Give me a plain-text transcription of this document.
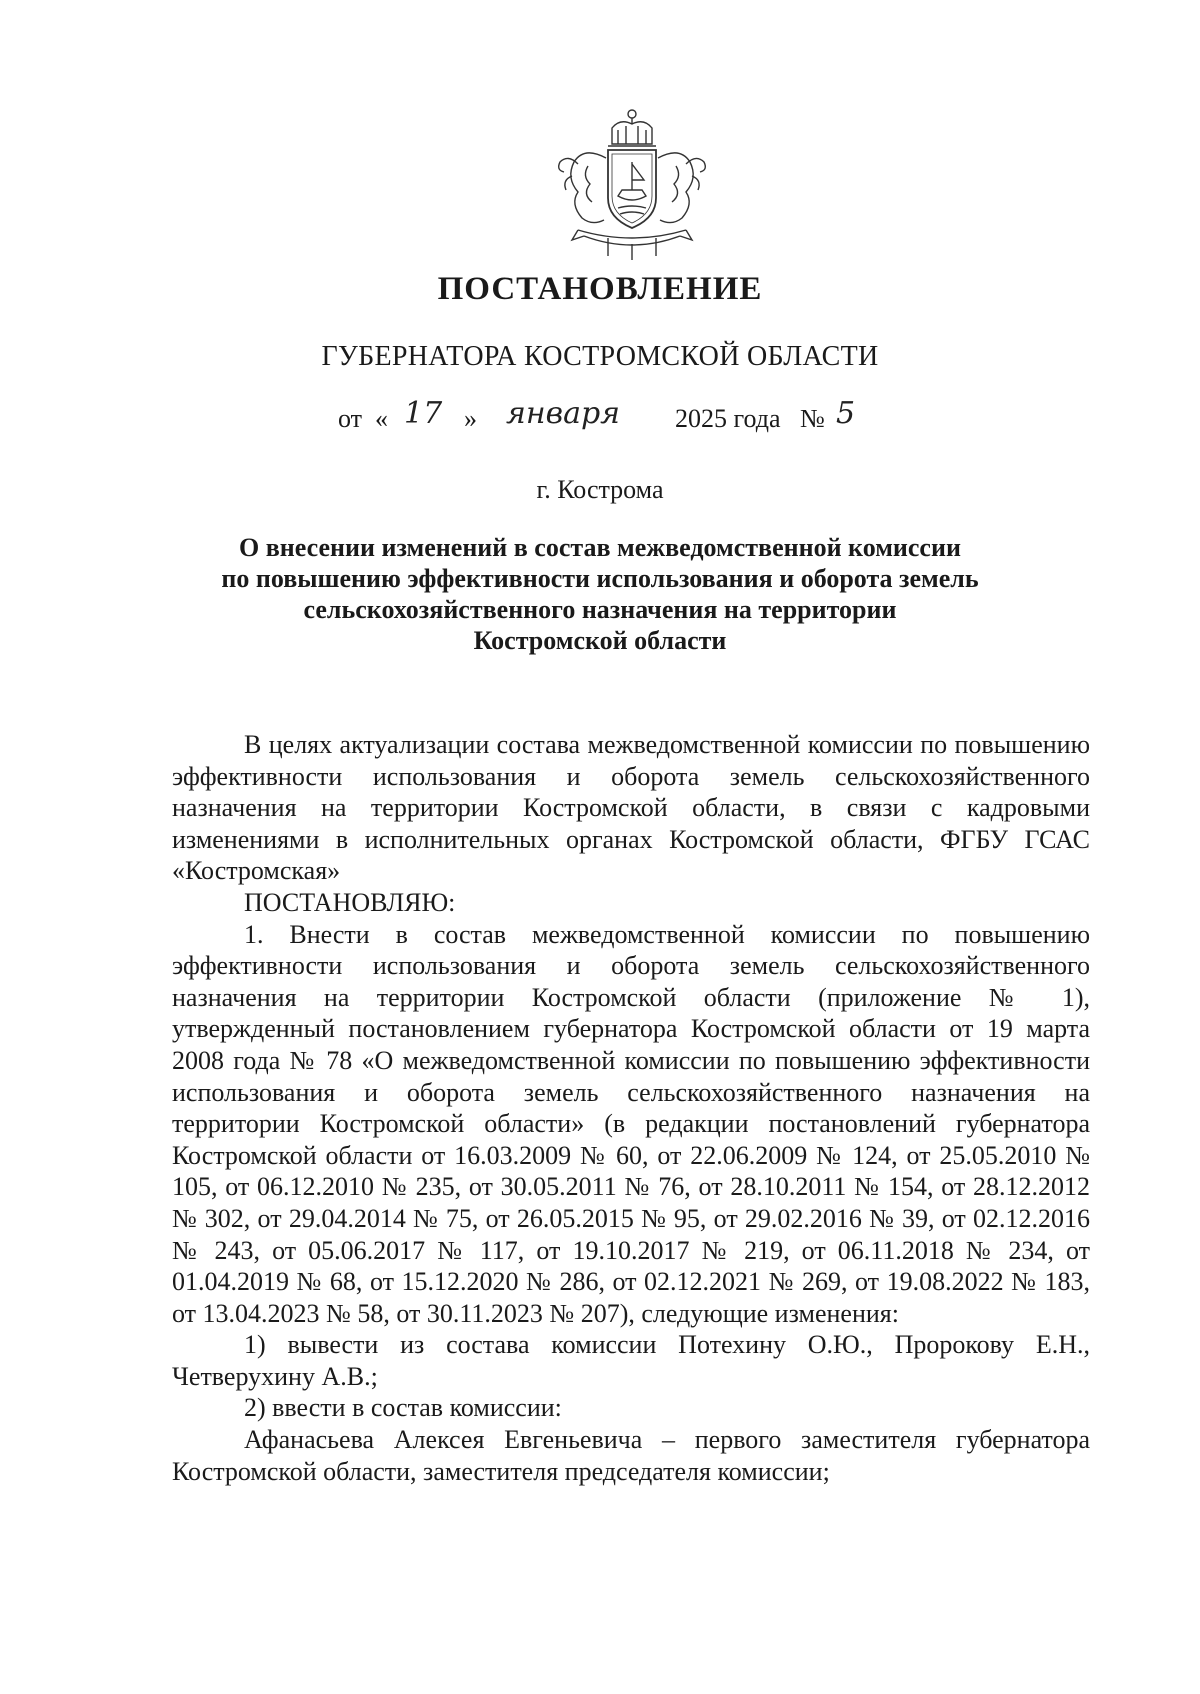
ПОСТАНОВЛЕНИЕ

ГУБЕРНАТОРА КОСТРОМСКОЙ ОБЛАСТИ

от « 17 » января 2025 года № 5

г. Кострома

О внесении изменений в состав межведомственной комиссии
по повышению эффективности использования и оборота земель
сельскохозяйственного назначения на территории
Костромской области

В целях актуализации состава межведомственной комиссии по повышению эффективности использования и оборота земель сельскохозяйственного назначения на территории Костромской области, в связи с кадровыми изменениями в исполнительных органах Костромской области, ФГБУ ГСАС «Костромская»

ПОСТАНОВЛЯЮ:

1. Внести в состав межведомственной комиссии по повышению эффективности использования и оборота земель сельскохозяйственного назначения на территории Костромской области (приложение № 1), утвержденный постановлением губернатора Костромской области от 19 марта 2008 года № 78 «О межведомственной комиссии по повышению эффективности использования и оборота земель сельскохозяйственного назначения на территории Костромской области» (в редакции постановлений губернатора Костромской области от 16.03.2009 № 60, от 22.06.2009 № 124, от 25.05.2010 № 105, от 06.12.2010 № 235, от 30.05.2011 № 76, от 28.10.2011 № 154, от 28.12.2012 № 302, от 29.04.2014 № 75, от 26.05.2015 № 95, от 29.02.2016 № 39, от 02.12.2016 № 243, от 05.06.2017 № 117, от 19.10.2017 № 219, от 06.11.2018 № 234, от 01.04.2019 № 68, от 15.12.2020 № 286, от 02.12.2021 № 269, от 19.08.2022 № 183, от 13.04.2023 № 58, от 30.11.2023 № 207), следующие изменения:

1) вывести из состава комиссии Потехину О.Ю., Пророкову Е.Н., Четверухину А.В.;

2) ввести в состав комиссии:

Афанасьева Алексея Евгеньевича – первого заместителя губернатора Костромской области, заместителя председателя комиссии;
